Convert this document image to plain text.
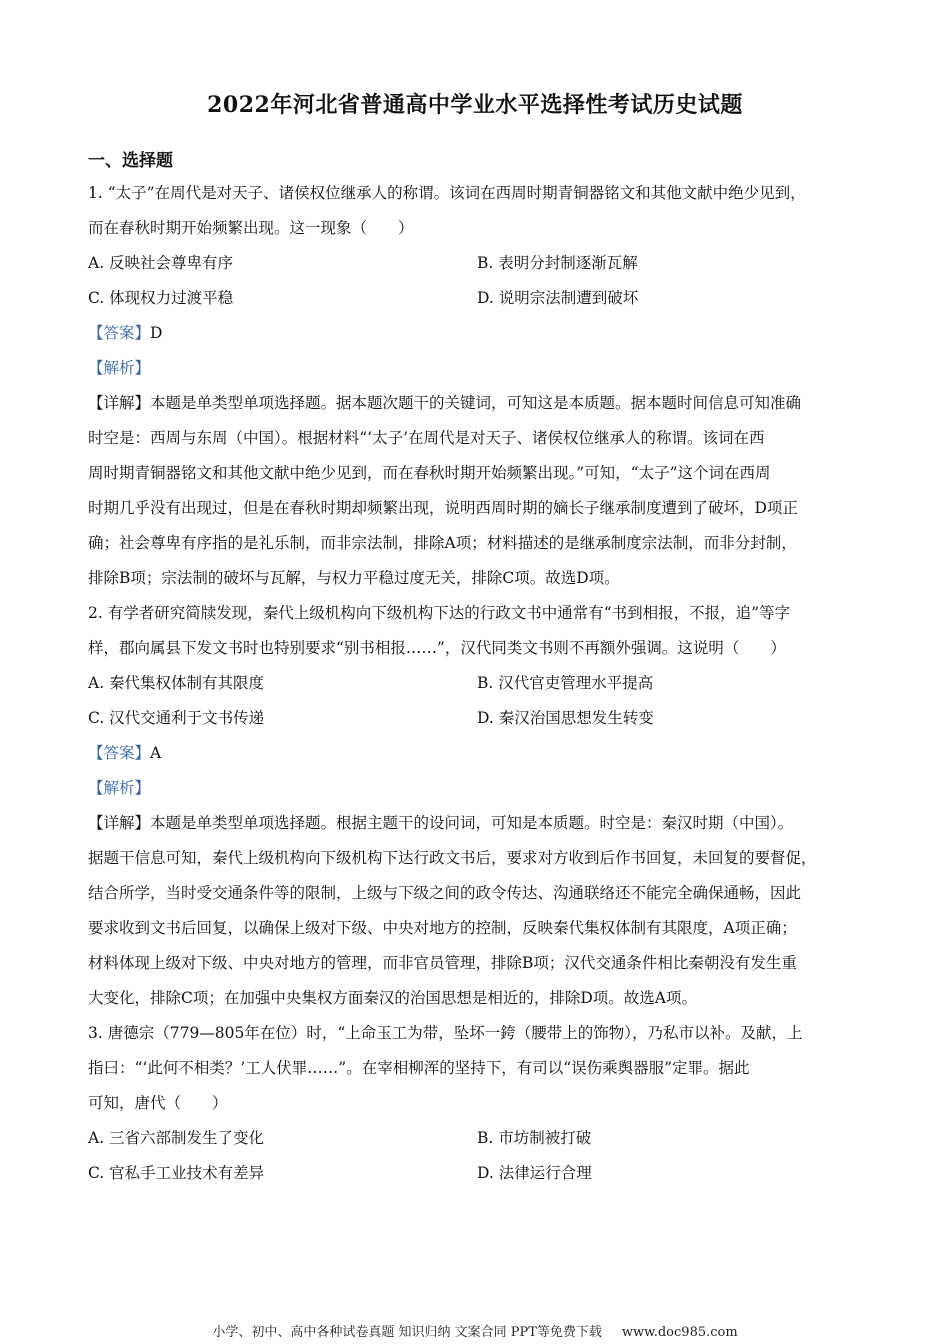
2022年河北省普通高中学业水平选择性考试历史试题
一、选择题
1. “太子”在周代是对天子、诸侯权位继承人的称谓。该词在西周时期青铜器铭文和其他文献中绝少见到，
而在春秋时期开始频繁出现。这一现象（　　）
A. 反映社会尊卑有序	B. 表明分封制逐渐瓦解
C. 体现权力过渡平稳	D. 说明宗法制遭到破坏
【答案】D
【解析】
【详解】本题是单类型单项选择题。据本题次题干的关键词，可知这是本质题。据本题时间信息可知准确
时空是：西周与东周（中国）。根据材料“‘太子’在周代是对天子、诸侯权位继承人的称谓。该词在西
周时期青铜器铭文和其他文献中绝少见到，而在春秋时期开始频繁出现。”可知，“太子”这个词在西周
时期几乎没有出现过，但是在春秋时期却频繁出现，说明西周时期的嫡长子继承制度遭到了破坏，D项正
确；社会尊卑有序指的是礼乐制，而非宗法制，排除A项；材料描述的是继承制度宗法制，而非分封制，
排除B项；宗法制的破坏与瓦解，与权力平稳过度无关，排除C项。故选D项。
2. 有学者研究简牍发现，秦代上级机构向下级机构下达的行政文书中通常有“书到相报，不报，追”等字
样，郡向属县下发文书时也特别要求“别书相报……”，汉代同类文书则不再额外强调。这说明（　　）
A. 秦代集权体制有其限度	B. 汉代官吏管理水平提高
C. 汉代交通利于文书传递	D. 秦汉治国思想发生转变
【答案】A
【解析】
【详解】本题是单类型单项选择题。根据主题干的设问词，可知是本质题。时空是：秦汉时期（中国）。
据题干信息可知，秦代上级机构向下级机构下达行政文书后，要求对方收到后作书回复，未回复的要督促，
结合所学，当时受交通条件等的限制，上级与下级之间的政令传达、沟通联络还不能完全确保通畅，因此
要求收到文书后回复，以确保上级对下级、中央对地方的控制，反映秦代集权体制有其限度，A项正确；
材料体现上级对下级、中央对地方的管理，而非官员管理，排除B项；汉代交通条件相比秦朝没有发生重
大变化，排除C项；在加强中央集权方面秦汉的治国思想是相近的，排除D项。故选A项。
3. 唐德宗（779—805年在位）时，“上命玉工为带，坠坏一銙（腰带上的饰物），乃私市以补。及献，上
指曰：“‘此何不相类？’工人伏罪……”。在宰相柳浑的坚持下，有司以“误伤乘舆器服”定罪。据此
可知，唐代（　　）
A. 三省六部制发生了变化	B. 市坊制被打破
C. 官私手工业技术有差异	D. 法律运行合理
小学、初中、高中各种试卷真题 知识归纳 文案合同 PPT等免费下载 www.doc985.com
